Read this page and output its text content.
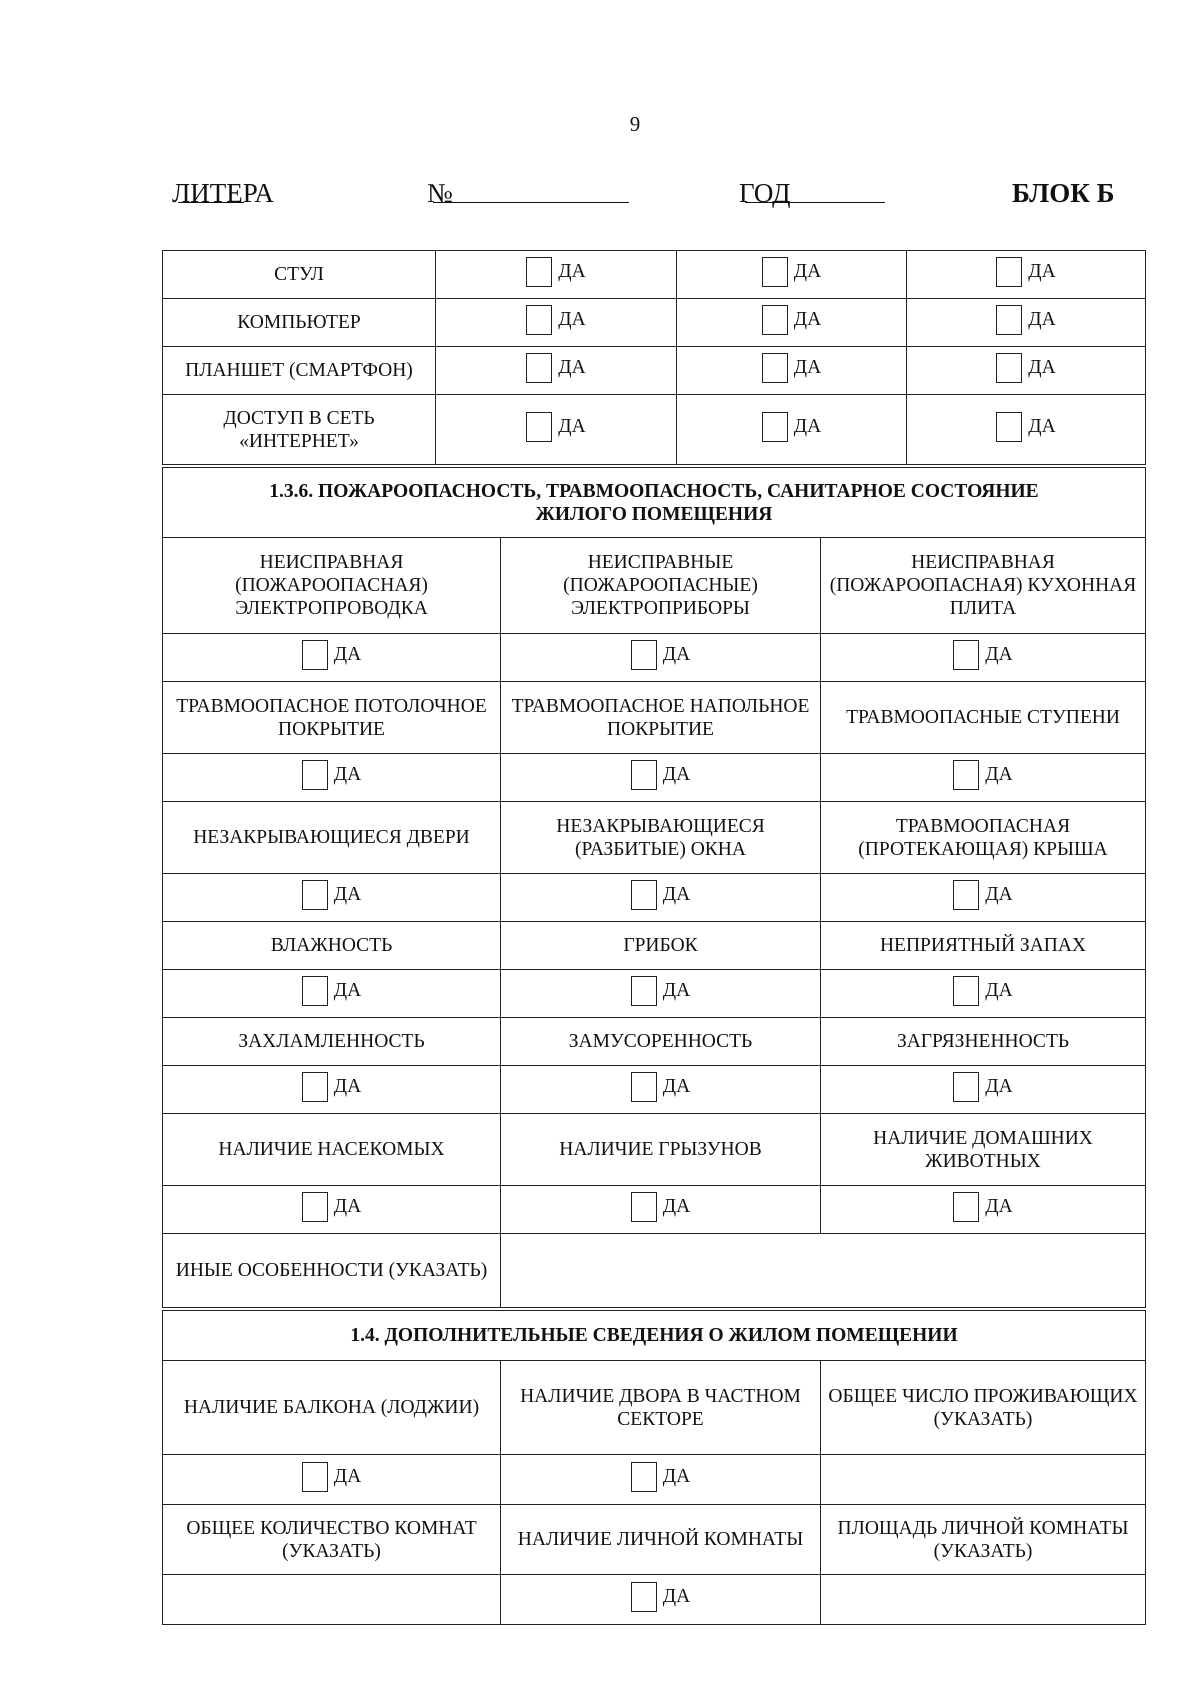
9
ЛИТЕРА	№	ГОД	БЛОК Б
СТУЛ	ДА	ДА	ДА

КОМПЬЮТЕР	ДА	ДА	ДА

ПЛАНШЕТ (СМАРТФОН)	ДА	ДА	ДА

ДОСТУП В СЕТЬ «ИНТЕРНЕТ»	ДА	ДА	ДА
1.3.6. ПОЖАРООПАСНОСТЬ, ТРАВМООПАСНОСТЬ, САНИТАРНОЕ СОСТОЯНИЕ ЖИЛОГО ПОМЕЩЕНИЯ		
НЕИСПРАВНАЯ (ПОЖАРООПАСНАЯ) ЭЛЕКТРОПРОВОДКА	НЕИСПРАВНЫЕ (ПОЖАРООПАСНЫЕ) ЭЛЕКТРОПРИБОРЫ	НЕИСПРАВНАЯ (ПОЖАРООПАСНАЯ) КУХОННАЯ ПЛИТА

ДА	ДА	ДА

ТРАВМООПАСНОЕ ПОТОЛОЧНОЕ ПОКРЫТИЕ	ТРАВМООПАСНОЕ НАПОЛЬНОЕ ПОКРЫТИЕ	ТРАВМООПАСНЫЕ СТУПЕНИ

ДА	ДА	ДА

НЕЗАКРЫВАЮЩИЕСЯ ДВЕРИ	НЕЗАКРЫВАЮЩИЕСЯ (РАЗБИТЫЕ) ОКНА	ТРАВМООПАСНАЯ (ПРОТЕКАЮЩАЯ) КРЫША

ДА	ДА	ДА

ВЛАЖНОСТЬ	ГРИБОК	НЕПРИЯТНЫЙ ЗАПАХ

ДА	ДА	ДА

ЗАХЛАМЛЕННОСТЬ	ЗАМУСОРЕННОСТЬ	ЗАГРЯЗНЕННОСТЬ

ДА	ДА	ДА

НАЛИЧИЕ НАСЕКОМЫХ	НАЛИЧИЕ ГРЫЗУНОВ	НАЛИЧИЕ ДОМАШНИХ ЖИВОТНЫХ

ДА	ДА	ДА

ИНЫЕ ОСОБЕННОСТИ (УКАЗАТЬ)		
1.4. ДОПОЛНИТЕЛЬНЫЕ СВЕДЕНИЯ О ЖИЛОМ ПОМЕЩЕНИИ		
НАЛИЧИЕ БАЛКОНА (ЛОДЖИИ)	НАЛИЧИЕ ДВОРА В ЧАСТНОМ СЕКТОРЕ	ОБЩЕЕ ЧИСЛО ПРОЖИВАЮЩИХ (УКАЗАТЬ)

ДА	ДА	

ОБЩЕЕ КОЛИЧЕСТВО КОМНАТ (УКАЗАТЬ)	НАЛИЧИЕ ЛИЧНОЙ КОМНАТЫ	ПЛОЩАДЬ ЛИЧНОЙ КОМНАТЫ (УКАЗАТЬ)

	ДА	
